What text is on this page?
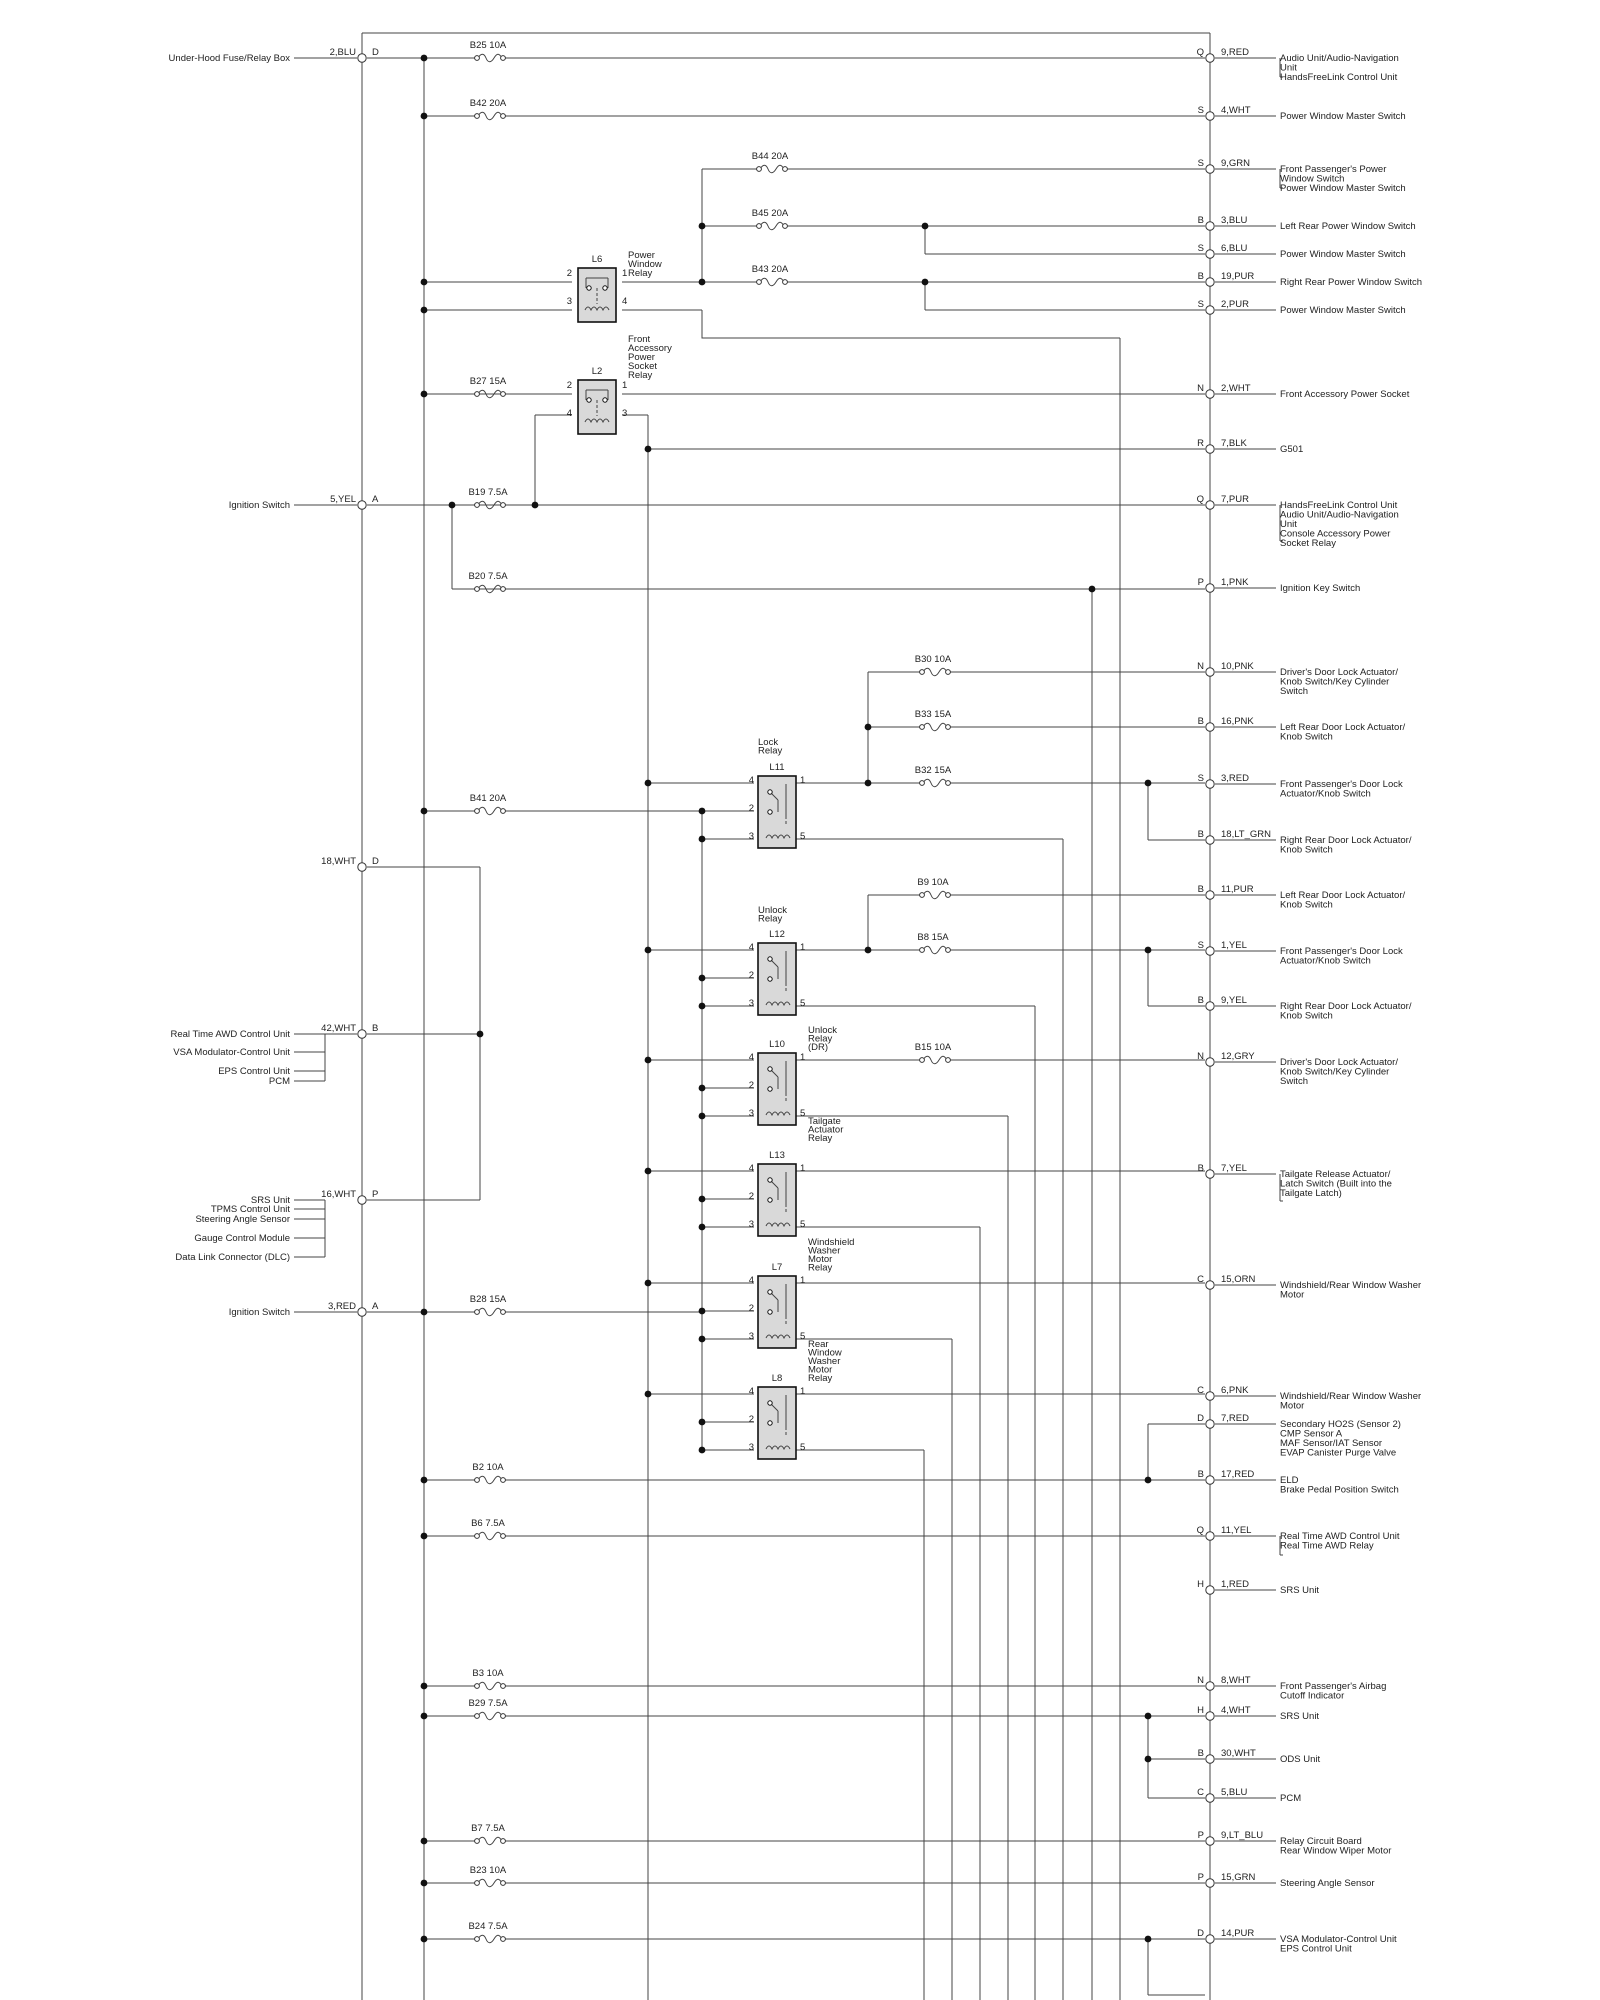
2,BLU D
Under-Hood Fuse/Relay Box
5,YEL A
Ignition Switch
18,WHT D
42,WHT B
Real Time AWD Control Unit
16,WHT P
3,RED A
Ignition Switch
VSA Modulator-Control Unit
EPS Control Unit
PCM
SRS Unit
TPMS Control Unit
Steering Angle Sensor
Gauge Control Module
Data Link Connector (DLC)
Q 9,RED
Audio Unit/Audio-Navigation
Unit
HandsFreeLink Control Unit
S 4,WHT
Power Window Master Switch
S 9,GRN
Front Passenger's Power
Window Switch
Power Window Master Switch
B 3,BLU
Left Rear Power Window Switch
S 6,BLU
Power Window Master Switch
B 19,PUR
Right Rear Power Window Switch
S 2,PUR
Power Window Master Switch
N 2,WHT
Front Accessory Power Socket
R 7,BLK
G501
Q 7,PUR
HandsFreeLink Control Unit
Audio Unit/Audio-Navigation
Unit
Console Accessory Power
Socket Relay
P 1,PNK
Ignition Key Switch
N 10,PNK
Driver's Door Lock Actuator/
Knob Switch/Key Cylinder
Switch
B 16,PNK
Left Rear Door Lock Actuator/
Knob Switch
S 3,RED
Front Passenger's Door Lock
Actuator/Knob Switch
B 18,LT_GRN
Right Rear Door Lock Actuator/
Knob Switch
B 11,PUR
Left Rear Door Lock Actuator/
Knob Switch
S 1,YEL
Front Passenger's Door Lock
Actuator/Knob Switch
B 9,YEL
Right Rear Door Lock Actuator/
Knob Switch
N 12,GRY
Driver's Door Lock Actuator/
Knob Switch/Key Cylinder
Switch
B 7,YEL
Tailgate Release Actuator/
Latch Switch (Built into the
Tailgate Latch)
C 15,ORN
Windshield/Rear Window Washer
Motor
C 6,PNK
Windshield/Rear Window Washer
Motor
D 7,RED
Secondary HO2S (Sensor 2)
CMP Sensor A
MAF Sensor/IAT Sensor
EVAP Canister Purge Valve
B 17,RED
ELD
Brake Pedal Position Switch
Q 11,YEL
Real Time AWD Control Unit
Real Time AWD Relay
H 1,RED
SRS Unit
N 8,WHT
Front Passenger's Airbag
Cutoff Indicator
H 4,WHT
SRS Unit
B 30,WHT
ODS Unit
C 5,BLU
PCM
P 9,LT_BLU
Relay Circuit Board
Rear Window Wiper Motor
P 15,GRN
Steering Angle Sensor
D 14,PUR
VSA Modulator-Control Unit
EPS Control Unit
B25 10A
B42 20A
B44 20A
B45 20A
B43 20A
L6
2	1
3	4
Power
Window
Relay
L2
2	1
4	3
Front
Accessory
Power
Socket
Relay
B27 15A
B19 7.5A
B20 7.5A
B41 20A
L11
4	1
2
3	5
Lock
Relay
L12
4	1
2
3	5
Unlock
Relay
L10
4	1
2
3	5
Unlock
Relay
(DR)
L13
4	1
2
3	5
Tailgate
Actuator
Relay
L7
4	1
2
3	5
Windshield
Washer
Motor
Relay
L8
4	1
2
3	5
Rear
Window
Washer
Motor
Relay
B30 10A
B33 15A
B32 15A
B9 10A
B8 15A
B15 10A
B28 15A
B2 10A
B6 7.5A
B3 10A
B29 7.5A
B7 7.5A
B23 10A
B24 7.5A
